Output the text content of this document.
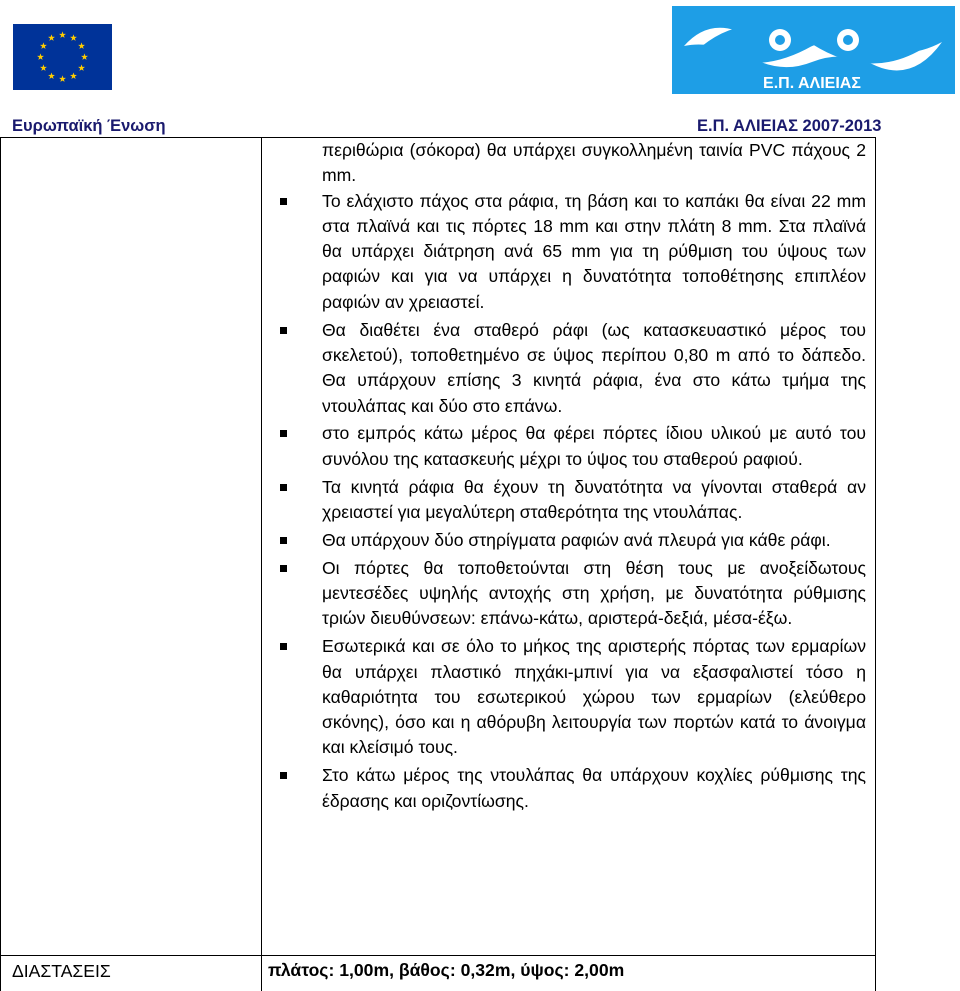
Ε.Π. ΑΛΙΕΙΑΣ
Ευρωπαϊκή Ένωση	Ε.Π. ΑΛΙΕΙΑΣ 2007-2013

περιθώρια (σόκορα) θα υπάρχει συγκολλημένη ταινία PVC πάχους 2 mm.

Το ελάχιστο πάχος στα ράφια, τη βάση και το καπάκι θα είναι 22 mm στα πλαϊνά και τις πόρτες 18 mm και στην πλάτη 8 mm. Στα πλαϊνά θα υπάρχει διάτρηση ανά 65 mm για τη ρύθμιση του ύψους των ραφιών και για να υπάρχει η δυνατότητα τοποθέτησης επιπλέον ραφιών αν χρειαστεί.
Θα διαθέτει ένα σταθερό ράφι (ως κατασκευαστικό μέρος του σκελετού), τοποθετημένο σε ύψος περίπου 0,80 m από το δάπεδο. Θα υπάρχουν επίσης 3 κινητά ράφια, ένα στο κάτω τμήμα της ντουλάπας και δύο στο επάνω.
στο εμπρός κάτω μέρος θα φέρει πόρτες ίδιου υλικού με αυτό του συνόλου της κατασκευής μέχρι το ύψος του σταθερού ραφιού.
Τα κινητά ράφια θα έχουν τη δυνατότητα να γίνονται σταθερά αν χρειαστεί για μεγαλύτερη σταθερότητα της ντουλάπας.
Θα υπάρχουν δύο στηρίγματα ραφιών ανά πλευρά για κάθε ράφι.
Οι πόρτες θα τοποθετούνται στη θέση τους με ανοξείδωτους μεντεσέδες υψηλής αντοχής στη χρήση, με δυνατότητα ρύθμισης τριών διευθύνσεων: επάνω-κάτω, αριστερά-δεξιά, μέσα-έξω.
Εσωτερικά και σε όλο το μήκος της αριστερής πόρτας των ερμαρίων θα υπάρχει πλαστικό πηχάκι-μπινί για να εξασφαλιστεί τόσο η καθαριότητα του εσωτερικού χώρου των ερμαρίων (ελεύθερο σκόνης), όσο και η αθόρυβη λειτουργία των πορτών κατά το άνοιγμα και κλείσιμό τους.
Στο κάτω μέρος της ντουλάπας θα υπάρχουν κοχλίες ρύθμισης της έδρασης και οριζοντίωσης.
ΔΙΑΣΤΑΣΕΙΣ	πλάτος: 1,00m, βάθος: 0,32m, ύψος: 2,00m
